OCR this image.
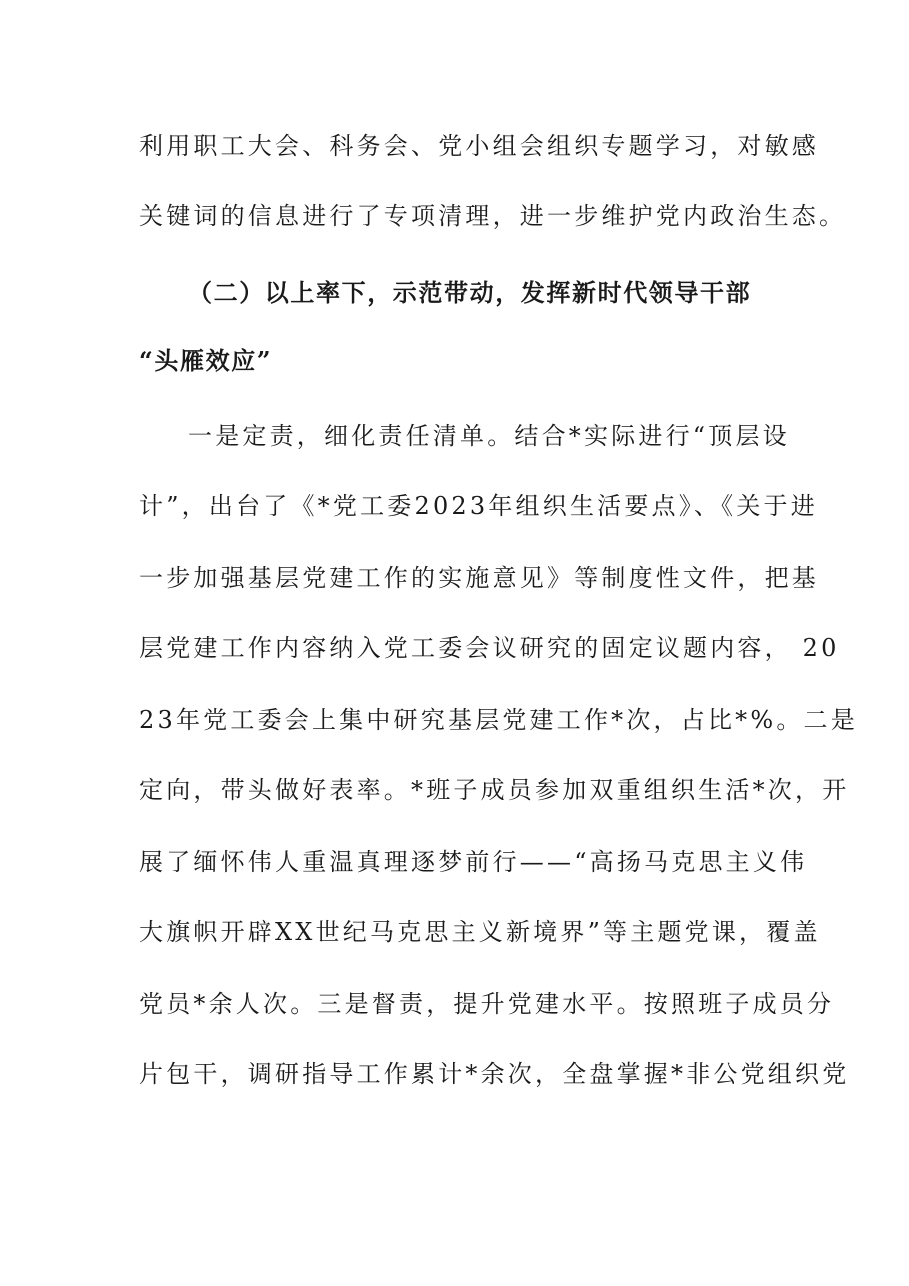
利用职工大会、科务会、党小组会组织专题学习，对敏感
关键词的信息进行了专项清理，进一步维护党内政治生态。
（二）以上率下，示范带动，发挥新时代领导干部
“头雁效应”
一是定责，细化责任清单。结合*实际进行“顶层设
计”，出台了《*党工委2023年组织生活要点》、《关于进
一步加强基层党建工作的实施意见》等制度性文件，把基
层党建工作内容纳入党工委会议研究的固定议题内容， 20
23年党工委会上集中研究基层党建工作*次，占比*%。二是
定向，带头做好表率。*班子成员参加双重组织生活*次，开
展了缅怀伟人重温真理逐梦前行——“高扬马克思主义伟
大旗帜开辟XX世纪马克思主义新境界”等主题党课，覆盖
党员*余人次。三是督责，提升党建水平。按照班子成员分
片包干，调研指导工作累计*余次，全盘掌握*非公党组织党
